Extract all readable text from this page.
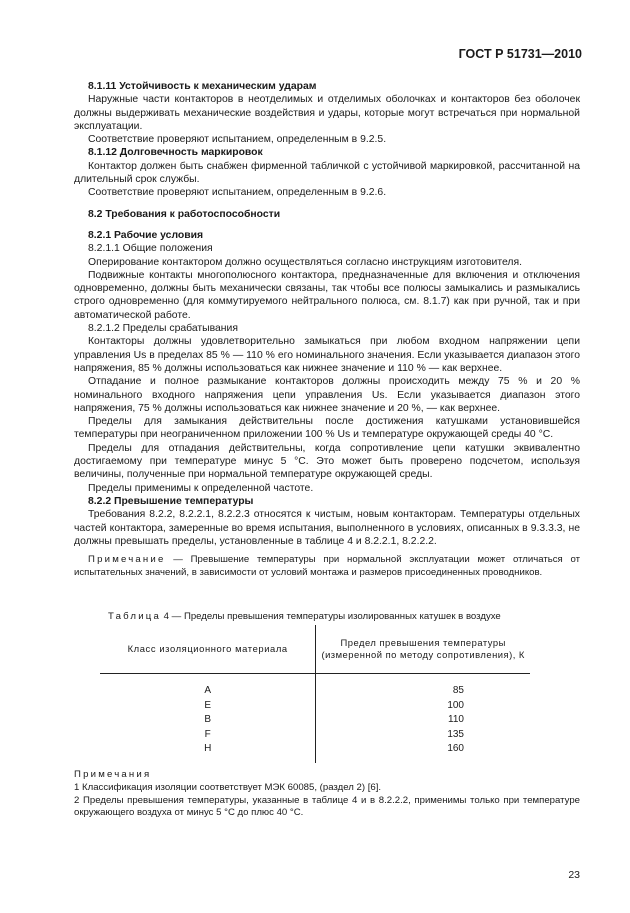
ГОСТ Р 51731—2010

8.1.11 Устойчивость к механическим ударам

Наружные части контакторов в неотделимых и отделимых оболочках и контакторов без оболочек должны выдерживать механические воздействия и удары, которые могут встречаться при нормальной эксплуатации.

Соответствие проверяют испытанием, определенным в 9.2.5.

8.1.12 Долговечность маркировок

Контактор должен быть снабжен фирменной табличкой с устойчивой маркировкой, рассчитанной на длительный срок службы.

Соответствие проверяют испытанием, определенным в 9.2.6.

8.2 Требования к работоспособности

8.2.1 Рабочие условия

8.2.1.1 Общие положения

Оперирование контактором должно осуществляться согласно инструкциям изготовителя.

Подвижные контакты многополюсного контактора, предназначенные для включения и отключения одновременно, должны быть механически связаны, так чтобы все полюсы замыкались и размыкались строго одновременно (для коммутируемого нейтрального полюса, см. 8.1.7) как при ручной, так и при автоматической работе.

8.2.1.2 Пределы срабатывания

Контакторы должны удовлетворительно замыкаться при любом входном напряжении цепи управления Us в пределах 85 % — 110 % его номинального значения. Если указывается диапазон этого напряжения, 85 % должны использоваться как нижнее значение и 110 % — как верхнее.

Отпадание и полное размыкание контакторов должны происходить между 75 % и 20 % номинального входного напряжения цепи управления Us. Если указывается диапазон этого напряжения, 75 % должны использоваться как нижнее значение и 20 %, — как верхнее.

Пределы для замыкания действительны после достижения катушками установившейся температуры при неограниченном приложении 100 % Us и температуре окружающей среды 40 °С.

Пределы для отпадания действительны, когда сопротивление цепи катушки эквивалентно достигаемому при температуре минус 5 °С. Это может быть проверено подсчетом, используя величины, полученные при нормальной температуре окружающей среды.

Пределы применимы к определенной частоте.

8.2.2 Превышение температуры

Требования 8.2.2, 8.2.2.1, 8.2.2.3 относятся к чистым, новым контакторам. Температуры отдельных частей контактора, замеренные во время испытания, выполненного в условиях, описанных в 9.3.3.3, не должны превышать пределы, установленные в таблице 4 и 8.2.2.1, 8.2.2.2.

Примечание — Превышение температуры при нормальной эксплуатации может отличаться от испытательных значений, в зависимости от условий монтажа и размеров присоединенных проводников.

Таблица 4 — Пределы превышения температуры изолированных катушек в воздухе
Класс изоляционного материала	Предел превышения температуры (измеренной по методу сопротивления), К
A	85
E	100
B	110
F	135
H	160

Примечания

1 Классификация изоляции соответствует МЭК 60085, (раздел 2) [6].

2 Пределы превышения температуры, указанные в таблице 4 и в 8.2.2.2, применимы только при температуре окружающего воздуха от минус 5 °С до плюс 40 °С.

23
